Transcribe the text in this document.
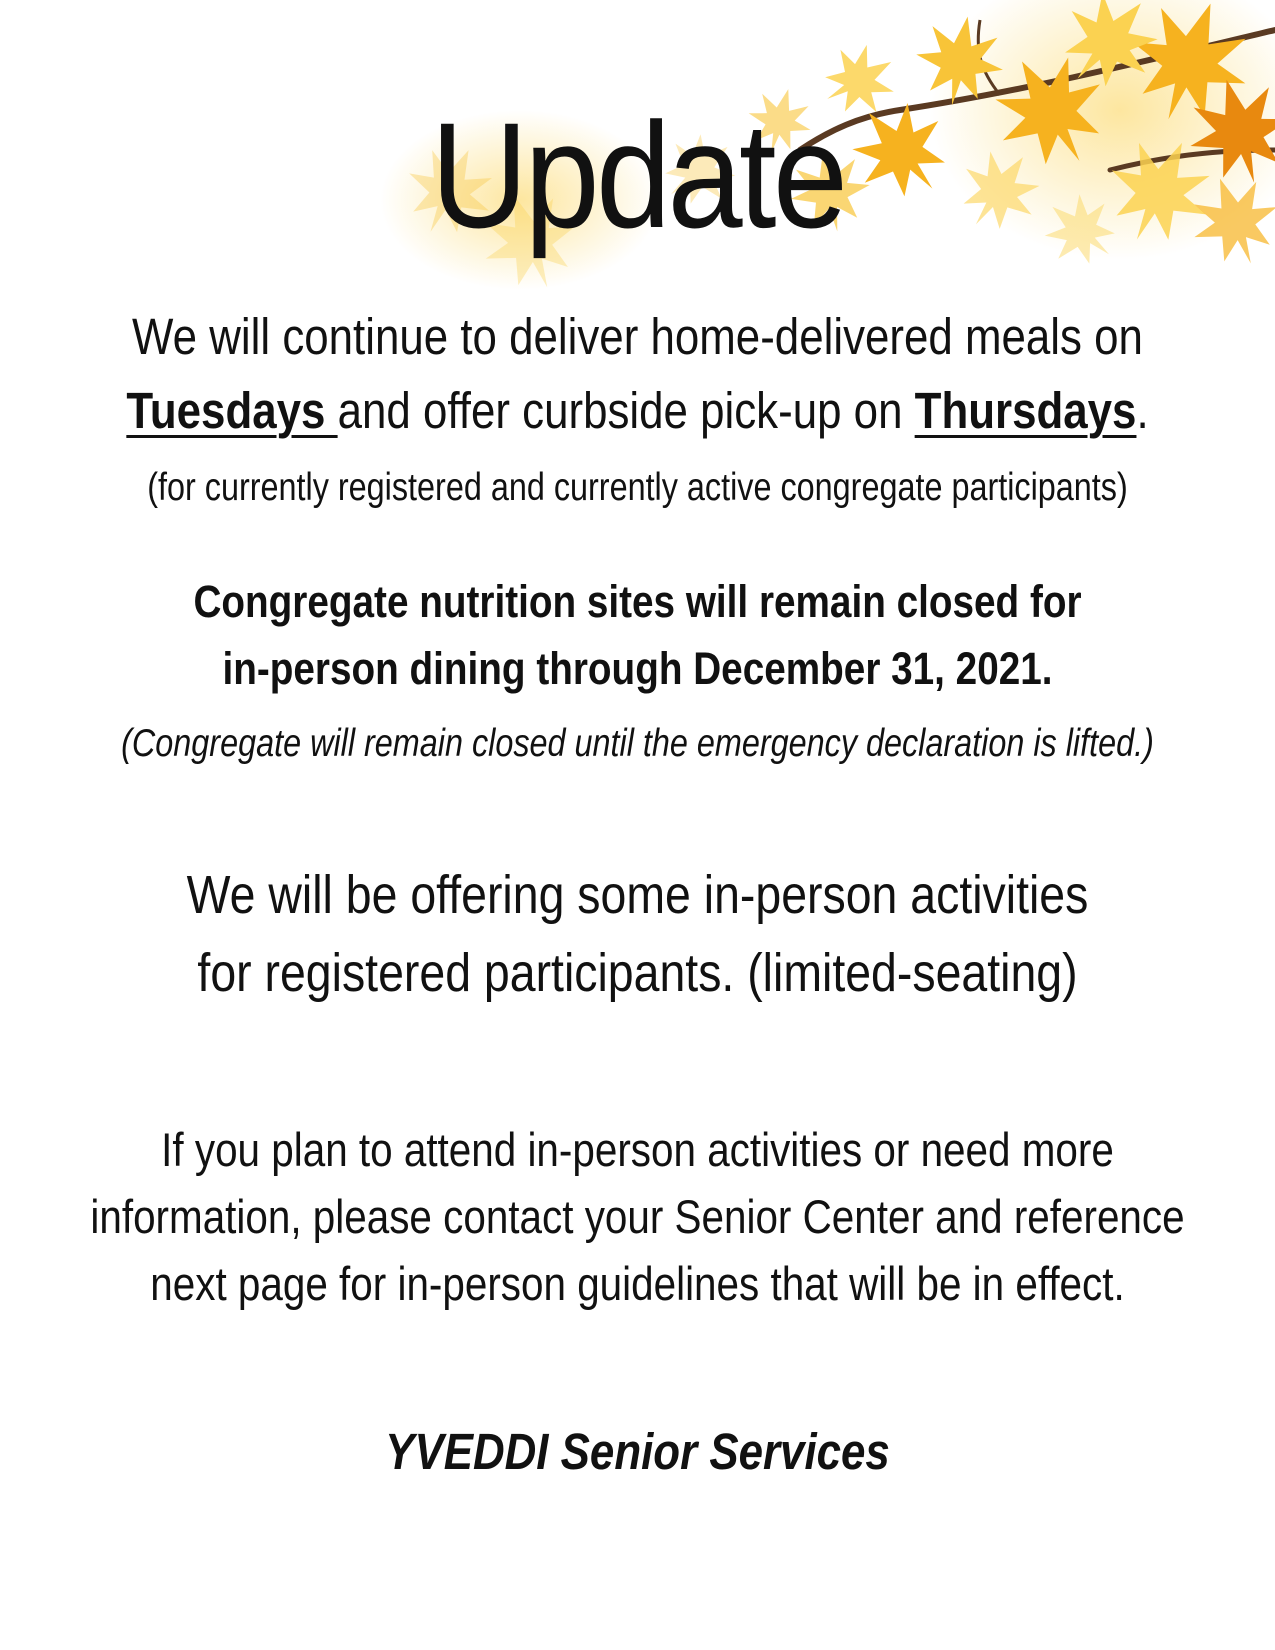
Update
We will continue to deliver home-delivered meals on
Tuesdays and offer curbside pick-up on Thursdays.
(for currently registered and currently active congregate participants)
Congregate nutrition sites will remain closed for
in-person dining through December 31, 2021.
(Congregate will remain closed until the emergency declaration is lifted.)
We will be offering some in-person activities
for registered participants. (limited-seating)
If you plan to attend in-person activities or need more
information, please contact your Senior Center and reference
next page for in-person guidelines that will be in effect.
YVEDDI Senior Services
